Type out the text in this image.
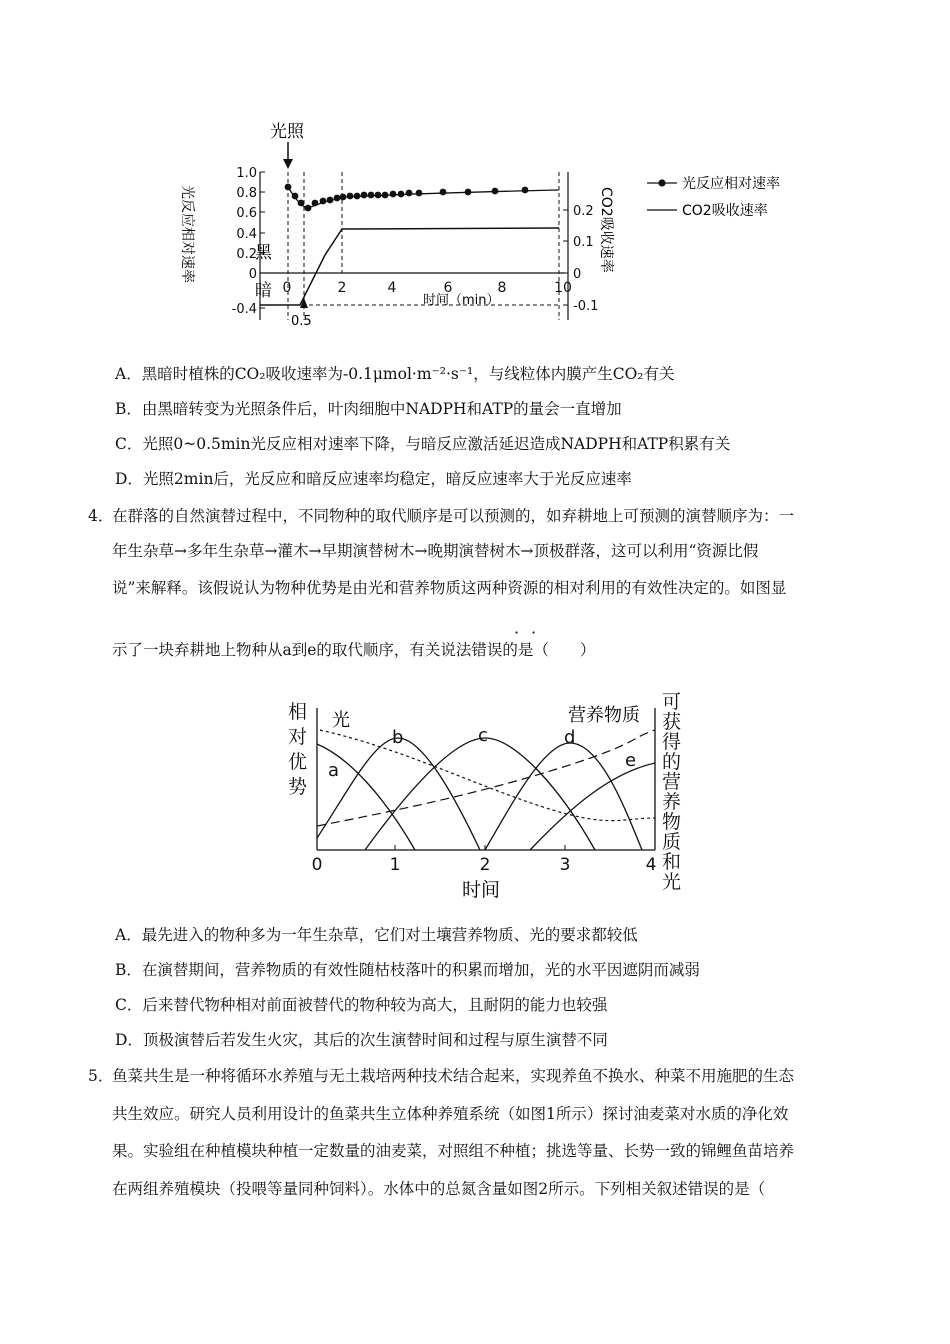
光照
1.0
0.8
0.6
0.4
0.2
0
-0.4
光反应相对速率	黑
暗 0	2	4	6	8	10
时间（min）
0.5
0.2
0.1
0
-0.1
CO2吸收速率
光反应相对速率
CO2吸收速率
A．黑暗时植株的CO₂吸收速率为-0.1μmol·m⁻²·s⁻¹，与线粒体内膜产生CO₂有关
B．由黑暗转变为光照条件后，叶肉细胞中NADPH和ATP的量会一直增加
C．光照0~0.5min光反应相对速率下降，与暗反应激活延迟造成NADPH和ATP积累有关
D．光照2min后，光反应和暗反应速率均稳定，暗反应速率大于光反应速率
4．
在群落的自然演替过程中，不同物种的取代顺序是可以预测的，如弃耕地上可预测的演替顺序为：一
年生杂草→多年生杂草→灌木→早期演替树木→晚期演替树木→顶极群落，这可以利用“资源比假
说”来解释。该假说认为物种优势是由光和营养物质这两种资源的相对利用的有效性决定的。如图显
示了一块弃耕地上物种从a到e的取代顺序，有关说法错误的是（　　）
· ·
相
对
优
势
可
获
得
的
营
养
物
质
和
光
0	1	2	3	4
时间
光	营养物质
a
b	c	d
e
A．最先进入的物种多为一年生杂草，它们对土壤营养物质、光的要求都较低
B．在演替期间，营养物质的有效性随枯枝落叶的积累而增加，光的水平因遮阴而减弱
C．后来替代物种相对前面被替代的物种较为高大，且耐阴的能力也较强
D．顶极演替后若发生火灾，其后的次生演替时间和过程与原生演替不同
5．
鱼菜共生是一种将循环水养殖与无土栽培两种技术结合起来，实现养鱼不换水、种菜不用施肥的生态
共生效应。研究人员利用设计的鱼菜共生立体种养殖系统（如图1所示）探讨油麦菜对水质的净化效
果。实验组在种植模块种植一定数量的油麦菜，对照组不种植；挑选等量、长势一致的锦鲤鱼苗培养
在两组养殖模块（投喂等量同种饲料）。水体中的总氮含量如图2所示。下列相关叙述错误的是（
